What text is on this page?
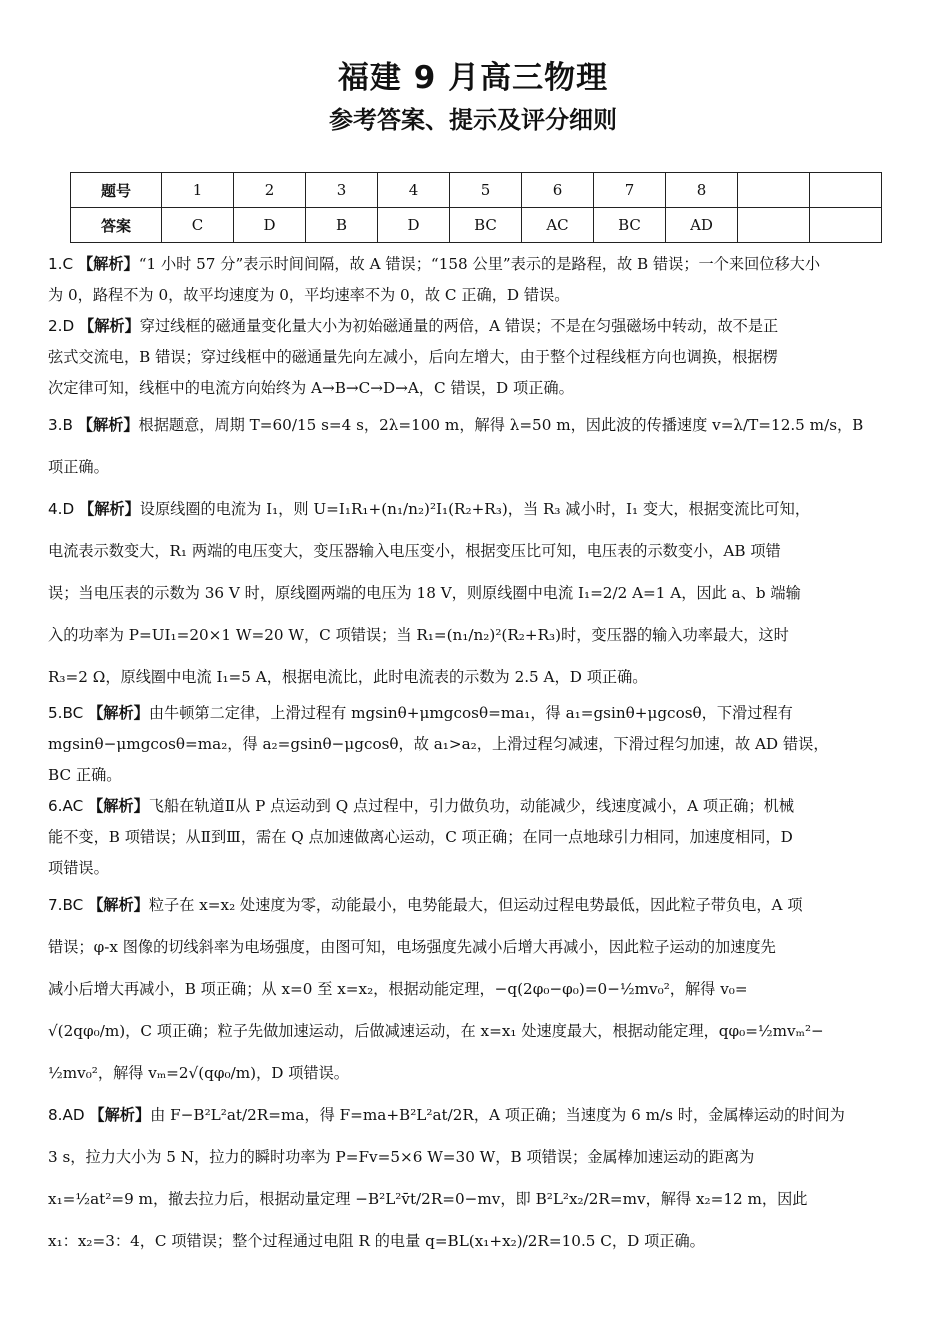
福建 9 月高三物理
参考答案、提示及评分细则
题号	1	2	3	4	5	6	7	8		
答案	C	D	B	D	BC	AC	BC	AD		

1.C 【解析】“1 小时 57 分”表示时间间隔，故 A 错误；“158 公里”表示的是路程，故 B 错误；一个来回位移大小

为 0，路程不为 0，故平均速度为 0，平均速率不为 0，故 C 正确，D 错误。

2.D 【解析】穿过线框的磁通量变化量大小为初始磁通量的两倍，A 错误；不是在匀强磁场中转动，故不是正

弦式交流电，B 错误；穿过线框中的磁通量先向左减小，后向左增大，由于整个过程线框方向也调换，根据楞

次定律可知，线框中的电流方向始终为 A→B→C→D→A，C 错误，D 项正确。

3.B 【解析】根据题意，周期 T=60/15 s=4 s，2λ=100 m，解得 λ=50 m，因此波的传播速度 v=λ/T=12.5 m/s，B

项正确。

4.D 【解析】设原线圈的电流为 I₁，则 U=I₁R₁+(n₁/n₂)²I₁(R₂+R₃)，当 R₃ 减小时，I₁ 变大，根据变流比可知，

电流表示数变大，R₁ 两端的电压变大，变压器输入电压变小，根据变压比可知，电压表的示数变小，AB 项错

误；当电压表的示数为 36 V 时，原线圈两端的电压为 18 V，则原线圈中电流 I₁=2/2 A=1 A，因此 a、b 端输

入的功率为 P=UI₁=20×1 W=20 W，C 项错误；当 R₁=(n₁/n₂)²(R₂+R₃)时，变压器的输入功率最大，这时

R₃=2 Ω，原线圈中电流 I₁=5 A，根据电流比，此时电流表的示数为 2.5 A，D 项正确。

5.BC 【解析】由牛顿第二定律，上滑过程有 mgsinθ+μmgcosθ=ma₁，得 a₁=gsinθ+μgcosθ，下滑过程有

mgsinθ−μmgcosθ=ma₂，得 a₂=gsinθ−μgcosθ，故 a₁>a₂，上滑过程匀减速，下滑过程匀加速，故 AD 错误，

BC 正确。

6.AC 【解析】飞船在轨道Ⅱ从 P 点运动到 Q 点过程中，引力做负功，动能减少，线速度减小，A 项正确；机械

能不变，B 项错误；从Ⅱ到Ⅲ，需在 Q 点加速做离心运动，C 项正确；在同一点地球引力相同，加速度相同，D

项错误。

7.BC 【解析】粒子在 x=x₂ 处速度为零，动能最小，电势能最大，但运动过程电势最低，因此粒子带负电，A 项

错误；φ-x 图像的切线斜率为电场强度，由图可知，电场强度先减小后增大再减小，因此粒子运动的加速度先

减小后增大再减小，B 项正确；从 x=0 至 x=x₂，根据动能定理，−q(2φ₀−φ₀)=0−½mv₀²，解得 v₀=

√(2qφ₀/m)，C 项正确；粒子先做加速运动，后做减速运动，在 x=x₁ 处速度最大，根据动能定理，qφ₀=½mvₘ²−

½mv₀²，解得 vₘ=2√(qφ₀/m)，D 项错误。

8.AD 【解析】由 F−B²L²at/2R=ma，得 F=ma+B²L²at/2R，A 项正确；当速度为 6 m/s 时，金属棒运动的时间为

3 s，拉力大小为 5 N，拉力的瞬时功率为 P=Fv=5×6 W=30 W，B 项错误；金属棒加速运动的距离为

x₁=½at²=9 m，撤去拉力后，根据动量定理 −B²L²v̄t/2R=0−mv，即 B²L²x₂/2R=mv，解得 x₂=12 m，因此

x₁：x₂=3：4，C 项错误；整个过程通过电阻 R 的电量 q=BL(x₁+x₂)/2R=10.5 C，D 项正确。
